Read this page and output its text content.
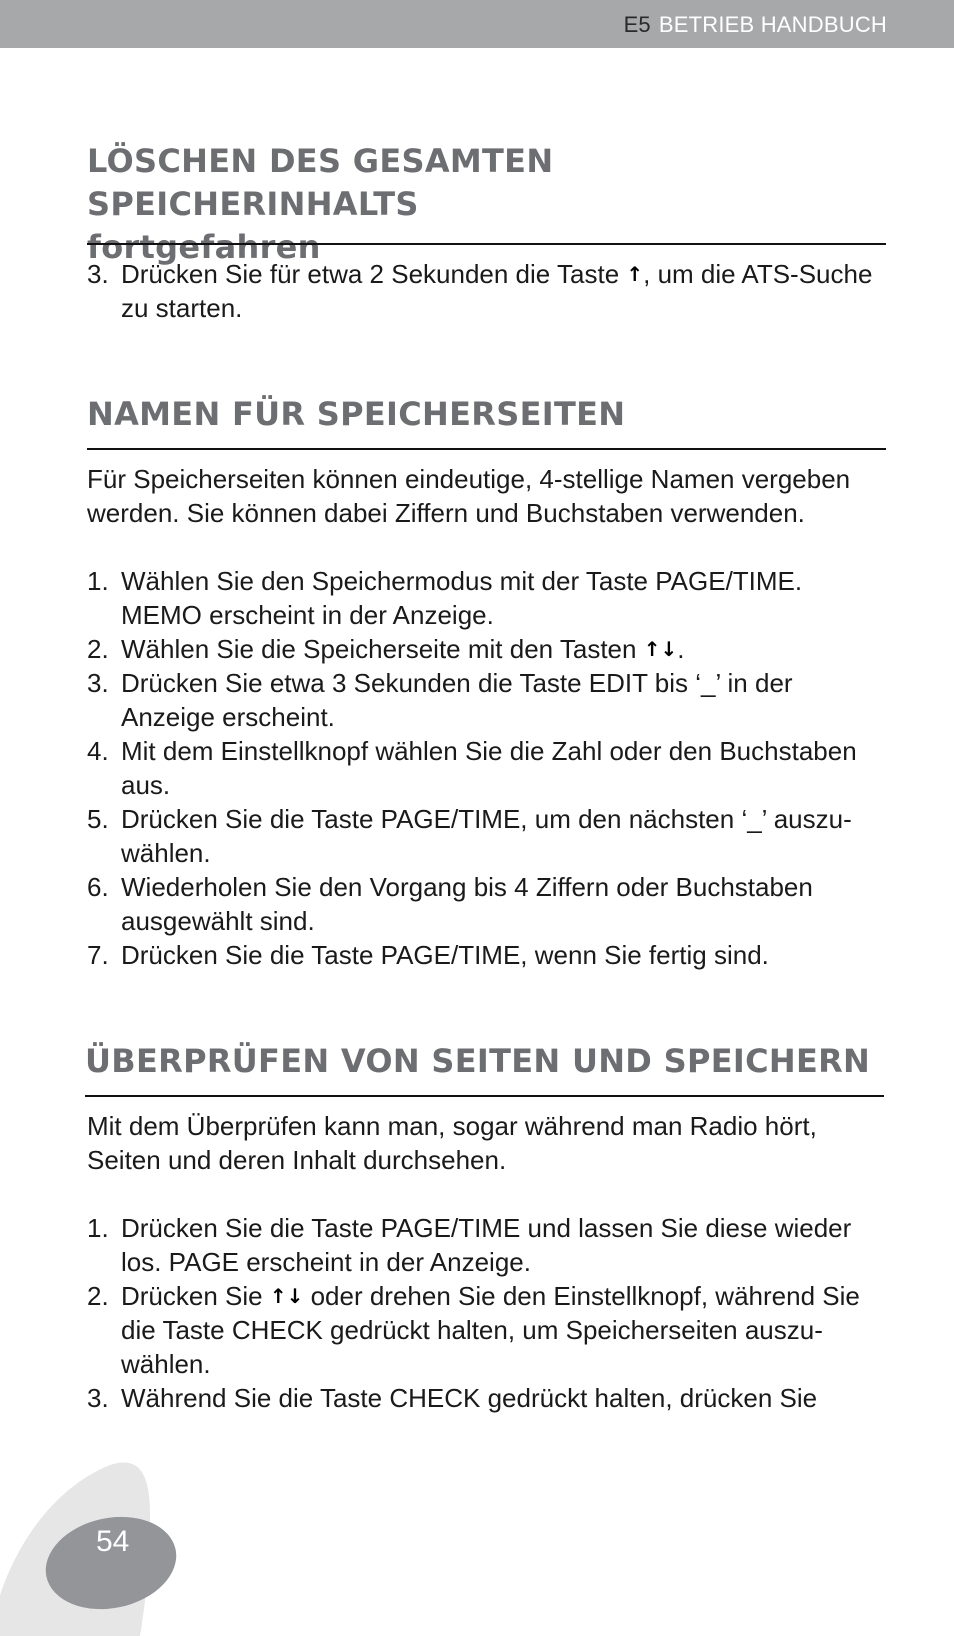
E5 BETRIEB HANDBUCH
LÖSCHEN DES GESAMTEN SPEICHERINHALTS
fortgefahren
3. Drücken Sie für etwa 2 Sekunden die Taste ↑, um die ATS-Suche zu starten.
NAMEN FÜR SPEICHERSEITEN

Für Speicherseiten können eindeutige, 4-stellige Namen vergeben werden. Sie können dabei Ziffern und Buchstaben verwenden.

1. Wählen Sie den Speichermodus mit der Taste PAGE/TIME. MEMO erscheint in der Anzeige.
2. Wählen Sie die Speicherseite mit den Tasten ↑↓.
3. Drücken Sie etwa 3 Sekunden die Taste EDIT bis ‘_’ in der Anzeige erscheint.
4. Mit dem Einstellknopf wählen Sie die Zahl oder den Buchstaben aus.
5. Drücken Sie die Taste PAGE/TIME, um den nächsten ‘_’ auszu-wählen.
6. Wiederholen Sie den Vorgang bis 4 Ziffern oder Buchstaben ausgewählt sind.
7. Drücken Sie die Taste PAGE/TIME, wenn Sie fertig sind.
ÜBERPRÜFEN VON SEITEN UND SPEICHERN

Mit dem Überprüfen kann man, sogar während man Radio hört, Seiten und deren Inhalt durchsehen.

1. Drücken Sie die Taste PAGE/TIME und lassen Sie diese wieder los. PAGE erscheint in der Anzeige.
2. Drücken Sie ↑↓ oder drehen Sie den Einstellknopf, während Sie die Taste CHECK gedrückt halten, um Speicherseiten auszu-wählen.
3. Während Sie die Taste CHECK gedrückt halten, drücken Sie
54
